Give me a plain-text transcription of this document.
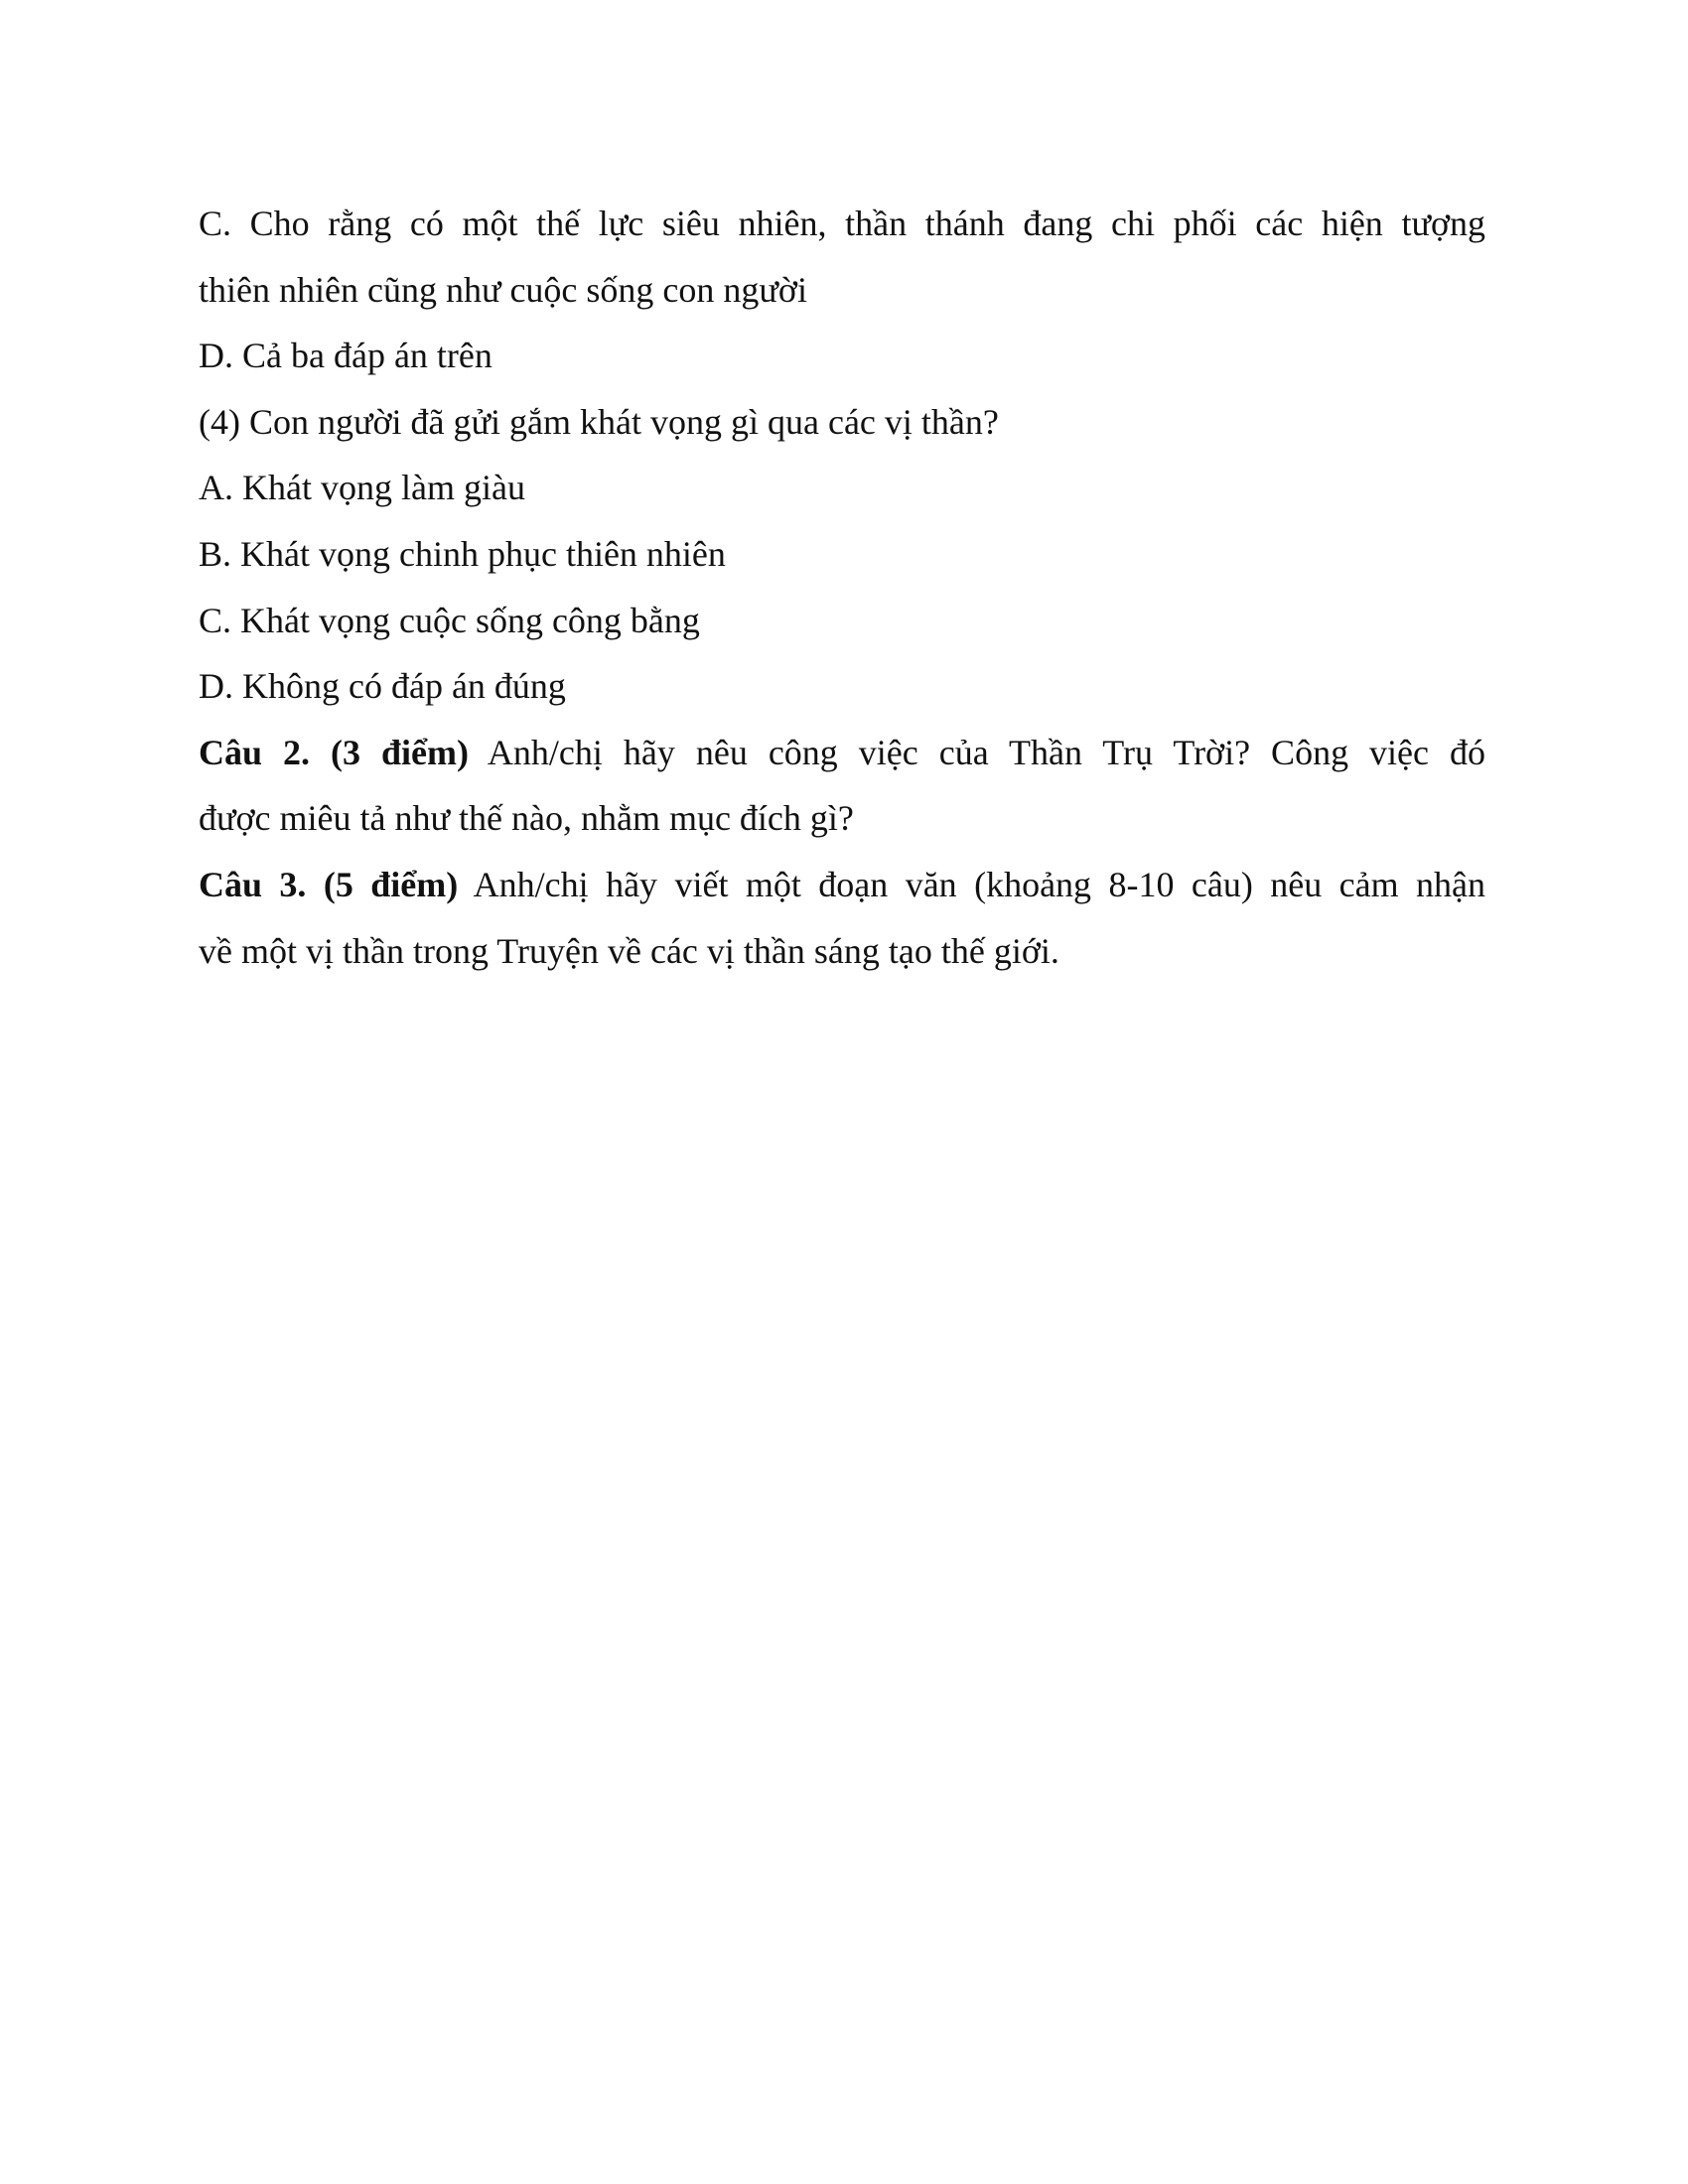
C. Cho rằng có một thế lực siêu nhiên, thần thánh đang chi phối các hiện tượng

thiên nhiên cũng như cuộc sống con người

D. Cả ba đáp án trên

(4) Con người đã gửi gắm khát vọng gì qua các vị thần?

A. Khát vọng làm giàu

B. Khát vọng chinh phục thiên nhiên

C. Khát vọng cuộc sống công bằng

D. Không có đáp án đúng

Câu 2. (3 điểm) Anh/chị hãy nêu công việc của Thần Trụ Trời? Công việc đó

được miêu tả như thế nào, nhằm mục đích gì?

Câu 3. (5 điểm) Anh/chị hãy viết một đoạn văn (khoảng 8-10 câu) nêu cảm nhận

về một vị thần trong Truyện về các vị thần sáng tạo thế giới.
